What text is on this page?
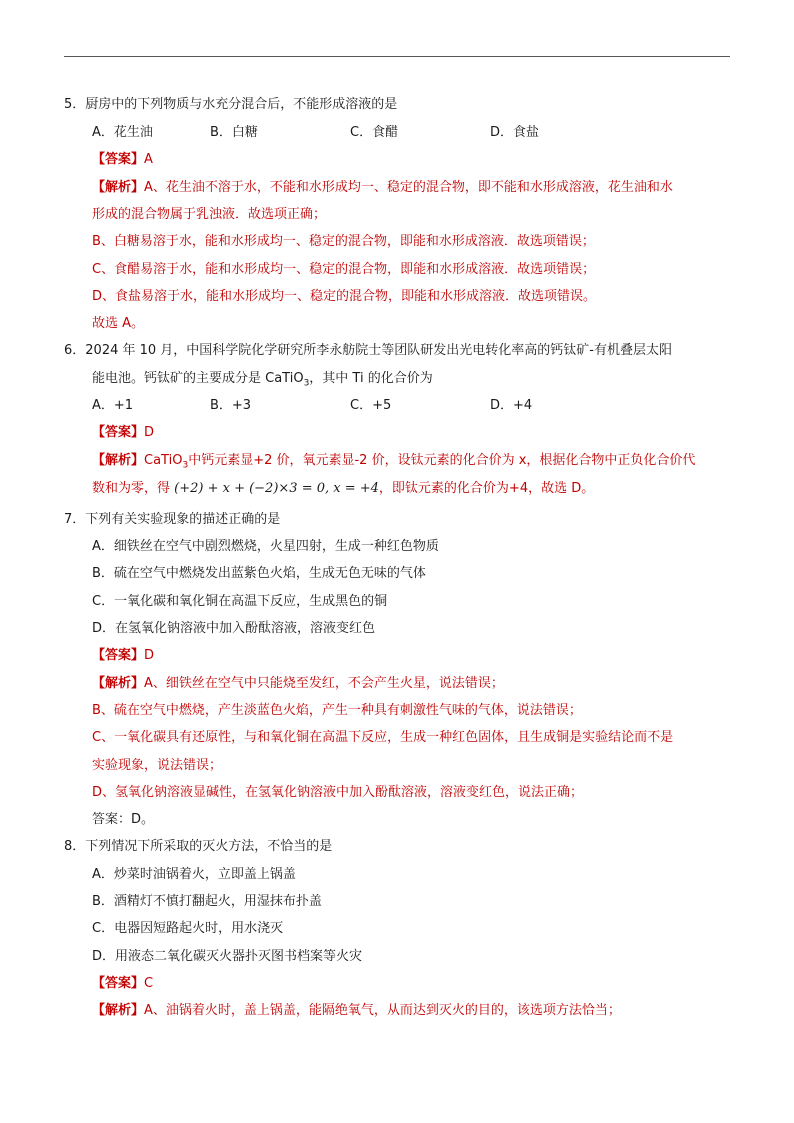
5．厨房中的下列物质与水充分混合后，不能形成溶液的是
A．花生油	B．白糖	C．食醋	D．食盐
【答案】A
【解析】A、花生油不溶于水，不能和水形成均一、稳定的混合物，即不能和水形成溶液，花生油和水
形成的混合物属于乳浊液．故选项正确；
B、白糖易溶于水，能和水形成均一、稳定的混合物，即能和水形成溶液．故选项错误；
C、食醋易溶于水，能和水形成均一、稳定的混合物，即能和水形成溶液．故选项错误；
D、食盐易溶于水，能和水形成均一、稳定的混合物，即能和水形成溶液．故选项错误。
故选 A。
6．2024 年 10 月，中国科学院化学研究所李永舫院士等团队研发出光电转化率高的钙钛矿-有机叠层太阳
能电池。钙钛矿的主要成分是 CaTiO$_3$，其中 Ti 的化合价为
A．+1	B．+3	C．+5	D．+4
【答案】D
【解析】CaTiO$_3$中钙元素显+2 价，氧元素显-2 价，设钛元素的化合价为 x，根据化合物中正负化合价代
数和为零，得 (+2) + x + (−2)×3 = 0, x = +4，即钛元素的化合价为+4，故选 D。
7．下列有关实验现象的描述正确的是
A．细铁丝在空气中剧烈燃烧，火星四射，生成一种红色物质
B．硫在空气中燃烧发出蓝紫色火焰，生成无色无味的气体
C．一氧化碳和氧化铜在高温下反应，生成黑色的铜
D．在氢氧化钠溶液中加入酚酞溶液，溶液变红色
【答案】D
【解析】A、细铁丝在空气中只能烧至发红，不会产生火星，说法错误；
B、硫在空气中燃烧，产生淡蓝色火焰，产生一种具有刺激性气味的气体，说法错误；
C、一氧化碳具有还原性，与和氧化铜在高温下反应，生成一种红色固体，且生成铜是实验结论而不是
实验现象，说法错误；
D、氢氧化钠溶液显碱性，在氢氧化钠溶液中加入酚酞溶液，溶液变红色，说法正确；
答案：D。
8．下列情况下所采取的灭火方法，不恰当的是
A．炒菜时油锅着火，立即盖上锅盖
B．酒精灯不慎打翻起火，用湿抹布扑盖
C．电器因短路起火时，用水浇灭
D．用液态二氧化碳灭火器扑灭图书档案等火灾
【答案】C
【解析】A、油锅着火时，盖上锅盖，能隔绝氧气，从而达到灭火的目的，该选项方法恰当；
